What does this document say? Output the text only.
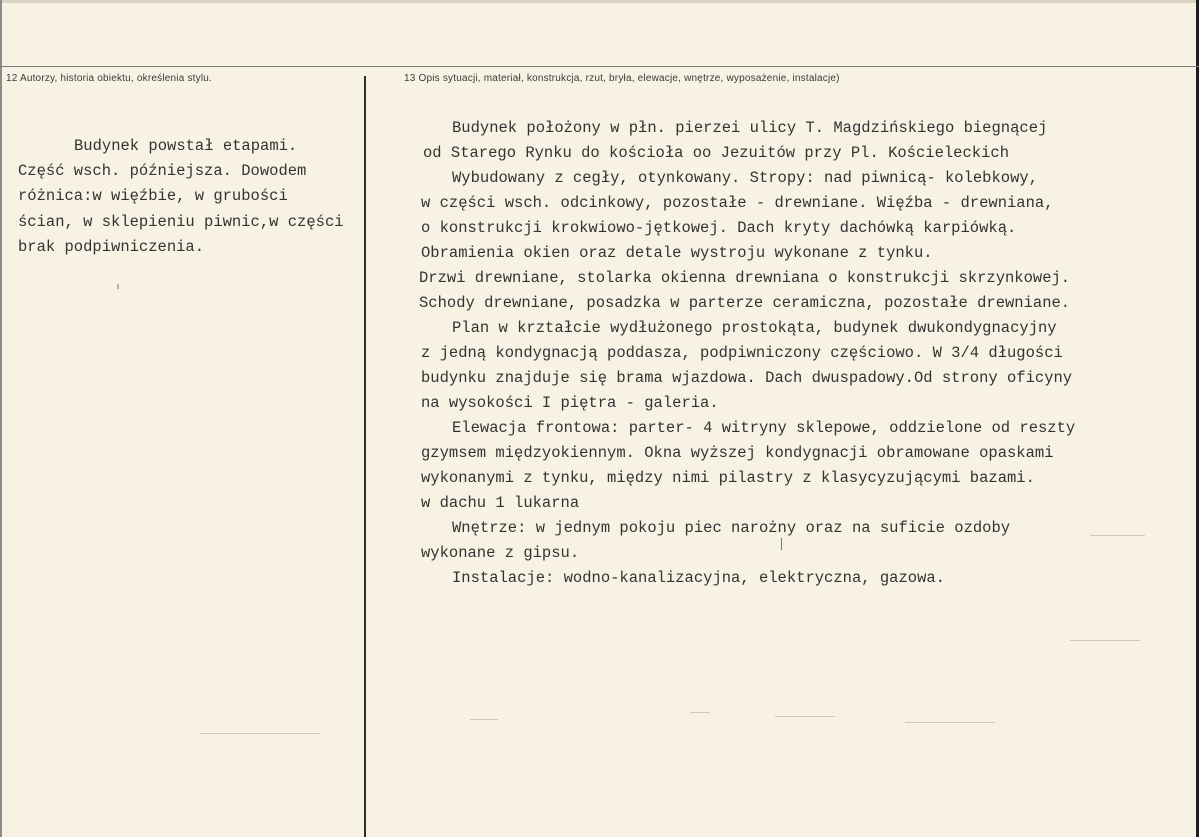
12 Autorzy, historia obiektu, określenia stylu.	13 Opis sytuacji, materiał, konstrukcja, rzut, bryła, elewacje, wnętrze, wyposażenie, instalacje)
Budynek powstał etapami.
Część wsch. późniejsza. Dowodem
różnica:w więźbie, w grubości
ścian, w sklepieniu piwnic,w części
brak podpiwniczenia.
Budynek położony w płn. pierzei ulicy T. Magdzińskiego biegnącej
od Starego Rynku do kościoła oo Jezuitów przy Pl. Kościeleckich
Wybudowany z cegły, otynkowany. Stropy: nad piwnicą- kolebkowy,
w części wsch. odcinkowy, pozostałe - drewniane. Więźba - drewniana,
o konstrukcji krokwiowo-jętkowej. Dach kryty dachówką karpiówką.
Obramienia okien oraz detale wystroju wykonane z tynku.
Drzwi drewniane, stolarka okienna drewniana o konstrukcji skrzynkowej.
Schody drewniane, posadzka w parterze ceramiczna, pozostałe drewniane.
Plan w krztałcie wydłużonego prostokąta, budynek dwukondygnacyjny
z jedną kondygnacją poddasza, podpiwniczony częściowo. W 3/4 długości
budynku znajduje się brama wjazdowa. Dach dwuspadowy.Od strony oficyny
na wysokości I piętra - galeria.
Elewacja frontowa: parter- 4 witryny sklepowe, oddzielone od reszty
gzymsem międzyokiennym. Okna wyższej kondygnacji obramowane opaskami
wykonanymi z tynku, między nimi pilastry z klasycyzującymi bazami.
w dachu 1 lukarna
Wnętrze: w jednym pokoju piec narożny oraz na suficie ozdoby
wykonane z gipsu.
Instalacje: wodno-kanalizacyjna, elektryczna, gazowa.
